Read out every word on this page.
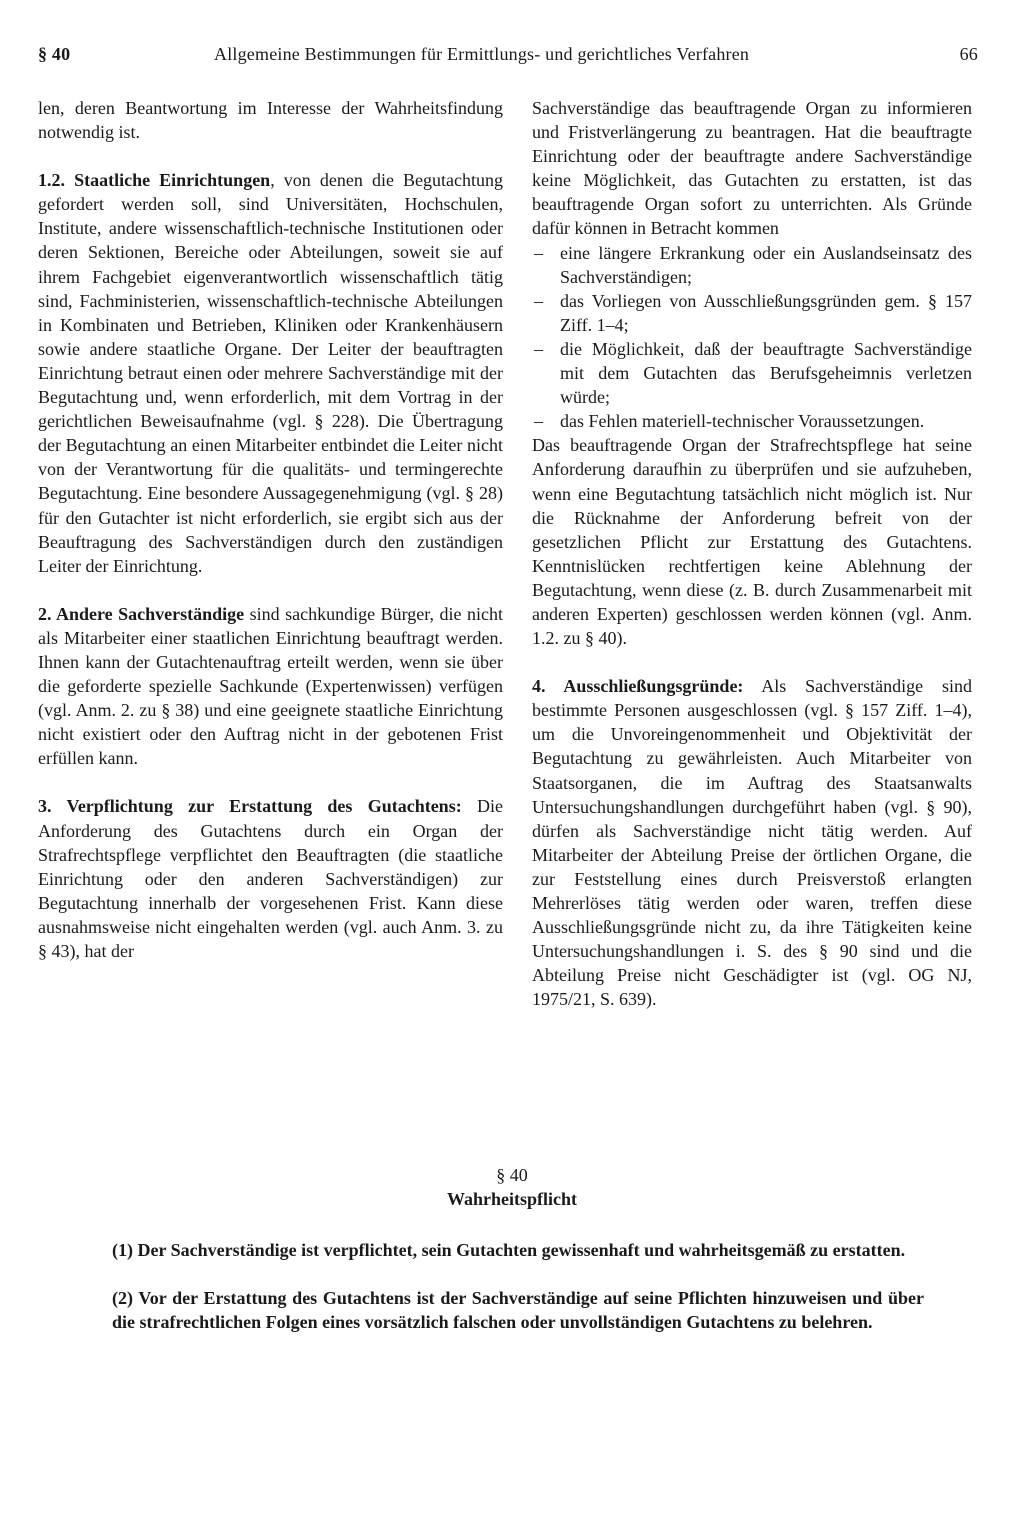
§ 40	Allgemeine Bestimmungen für Ermittlungs- und gerichtliches Verfahren	66

len, deren Beantwortung im Interesse der Wahrheitsfindung notwendig ist.

1.2. Staatliche Einrichtungen, von denen die Begutachtung gefordert werden soll, sind Universitäten, Hochschulen, Institute, andere wissenschaftlich-technische Institutionen oder deren Sektionen, Bereiche oder Abteilungen, soweit sie auf ihrem Fachgebiet eigenverantwortlich wissenschaftlich tätig sind, Fachministerien, wissenschaftlich-technische Abteilungen in Kombinaten und Betrieben, Kliniken oder Krankenhäusern sowie andere staatliche Organe. Der Leiter der beauftragten Einrichtung betraut einen oder mehrere Sachverständige mit der Begutachtung und, wenn erforderlich, mit dem Vortrag in der gerichtlichen Beweisaufnahme (vgl. § 228). Die Übertragung der Begutachtung an einen Mitarbeiter entbindet die Leiter nicht von der Verantwortung für die qualitäts- und termingerechte Begutachtung. Eine besondere Aussagegenehmigung (vgl. § 28) für den Gutachter ist nicht erforderlich, sie ergibt sich aus der Beauftragung des Sachverständigen durch den zuständigen Leiter der Einrichtung.

2. Andere Sachverständige sind sachkundige Bürger, die nicht als Mitarbeiter einer staatlichen Einrichtung beauftragt werden. Ihnen kann der Gutachtenauftrag erteilt werden, wenn sie über die geforderte spezielle Sachkunde (Expertenwissen) verfügen (vgl. Anm. 2. zu § 38) und eine geeignete staatliche Einrichtung nicht existiert oder den Auftrag nicht in der gebotenen Frist erfüllen kann.

3. Verpflichtung zur Erstattung des Gutachtens: Die Anforderung des Gutachtens durch ein Organ der Strafrechtspflege verpflichtet den Beauftragten (die staatliche Einrichtung oder den anderen Sachverständigen) zur Begutachtung innerhalb der vorgesehenen Frist. Kann diese ausnahmsweise nicht eingehalten werden (vgl. auch Anm. 3. zu § 43), hat der

Sachverständige das beauftragende Organ zu informieren und Fristverlängerung zu beantragen. Hat die beauftragte Einrichtung oder der beauftragte andere Sachverständige keine Möglichkeit, das Gutachten zu erstatten, ist das beauftragende Organ sofort zu unterrichten. Als Gründe dafür können in Betracht kommen

– eine längere Erkrankung oder ein Auslandseinsatz des Sachverständigen;
– das Vorliegen von Ausschließungsgründen gem. § 157 Ziff. 1–4;
– die Möglichkeit, daß der beauftragte Sachverständige mit dem Gutachten das Berufsgeheimnis verletzen würde;
– das Fehlen materiell-technischer Voraussetzungen.

Das beauftragende Organ der Strafrechtspflege hat seine Anforderung daraufhin zu überprüfen und sie aufzuheben, wenn eine Begutachtung tatsächlich nicht möglich ist. Nur die Rücknahme der Anforderung befreit von der gesetzlichen Pflicht zur Erstattung des Gutachtens. Kenntnislücken rechtfertigen keine Ablehnung der Begutachtung, wenn diese (z. B. durch Zusammenarbeit mit anderen Experten) geschlossen werden können (vgl. Anm. 1.2. zu § 40).

4. Ausschließungsgründe: Als Sachverständige sind bestimmte Personen ausgeschlossen (vgl. § 157 Ziff. 1–4), um die Unvoreingenommenheit und Objektivität der Begutachtung zu gewährleisten. Auch Mitarbeiter von Staatsorganen, die im Auftrag des Staatsanwalts Untersuchungshandlungen durchgeführt haben (vgl. § 90), dürfen als Sachverständige nicht tätig werden. Auf Mitarbeiter der Abteilung Preise der örtlichen Organe, die zur Feststellung eines durch Preisverstoß erlangten Mehrerlöses tätig werden oder waren, treffen diese Ausschließungsgründe nicht zu, da ihre Tätigkeiten keine Untersuchungshandlungen i. S. des § 90 sind und die Abteilung Preise nicht Geschädigter ist (vgl. OG NJ, 1975/21, S. 639).

§ 40
Wahrheitspflicht
(1) Der Sachverständige ist verpflichtet, sein Gutachten gewissenhaft und wahrheitsgemäß zu erstatten.
(2) Vor der Erstattung des Gutachtens ist der Sachverständige auf seine Pflichten hinzuweisen und über die strafrechtlichen Folgen eines vorsätzlich falschen oder unvollständigen Gutachtens zu belehren.
